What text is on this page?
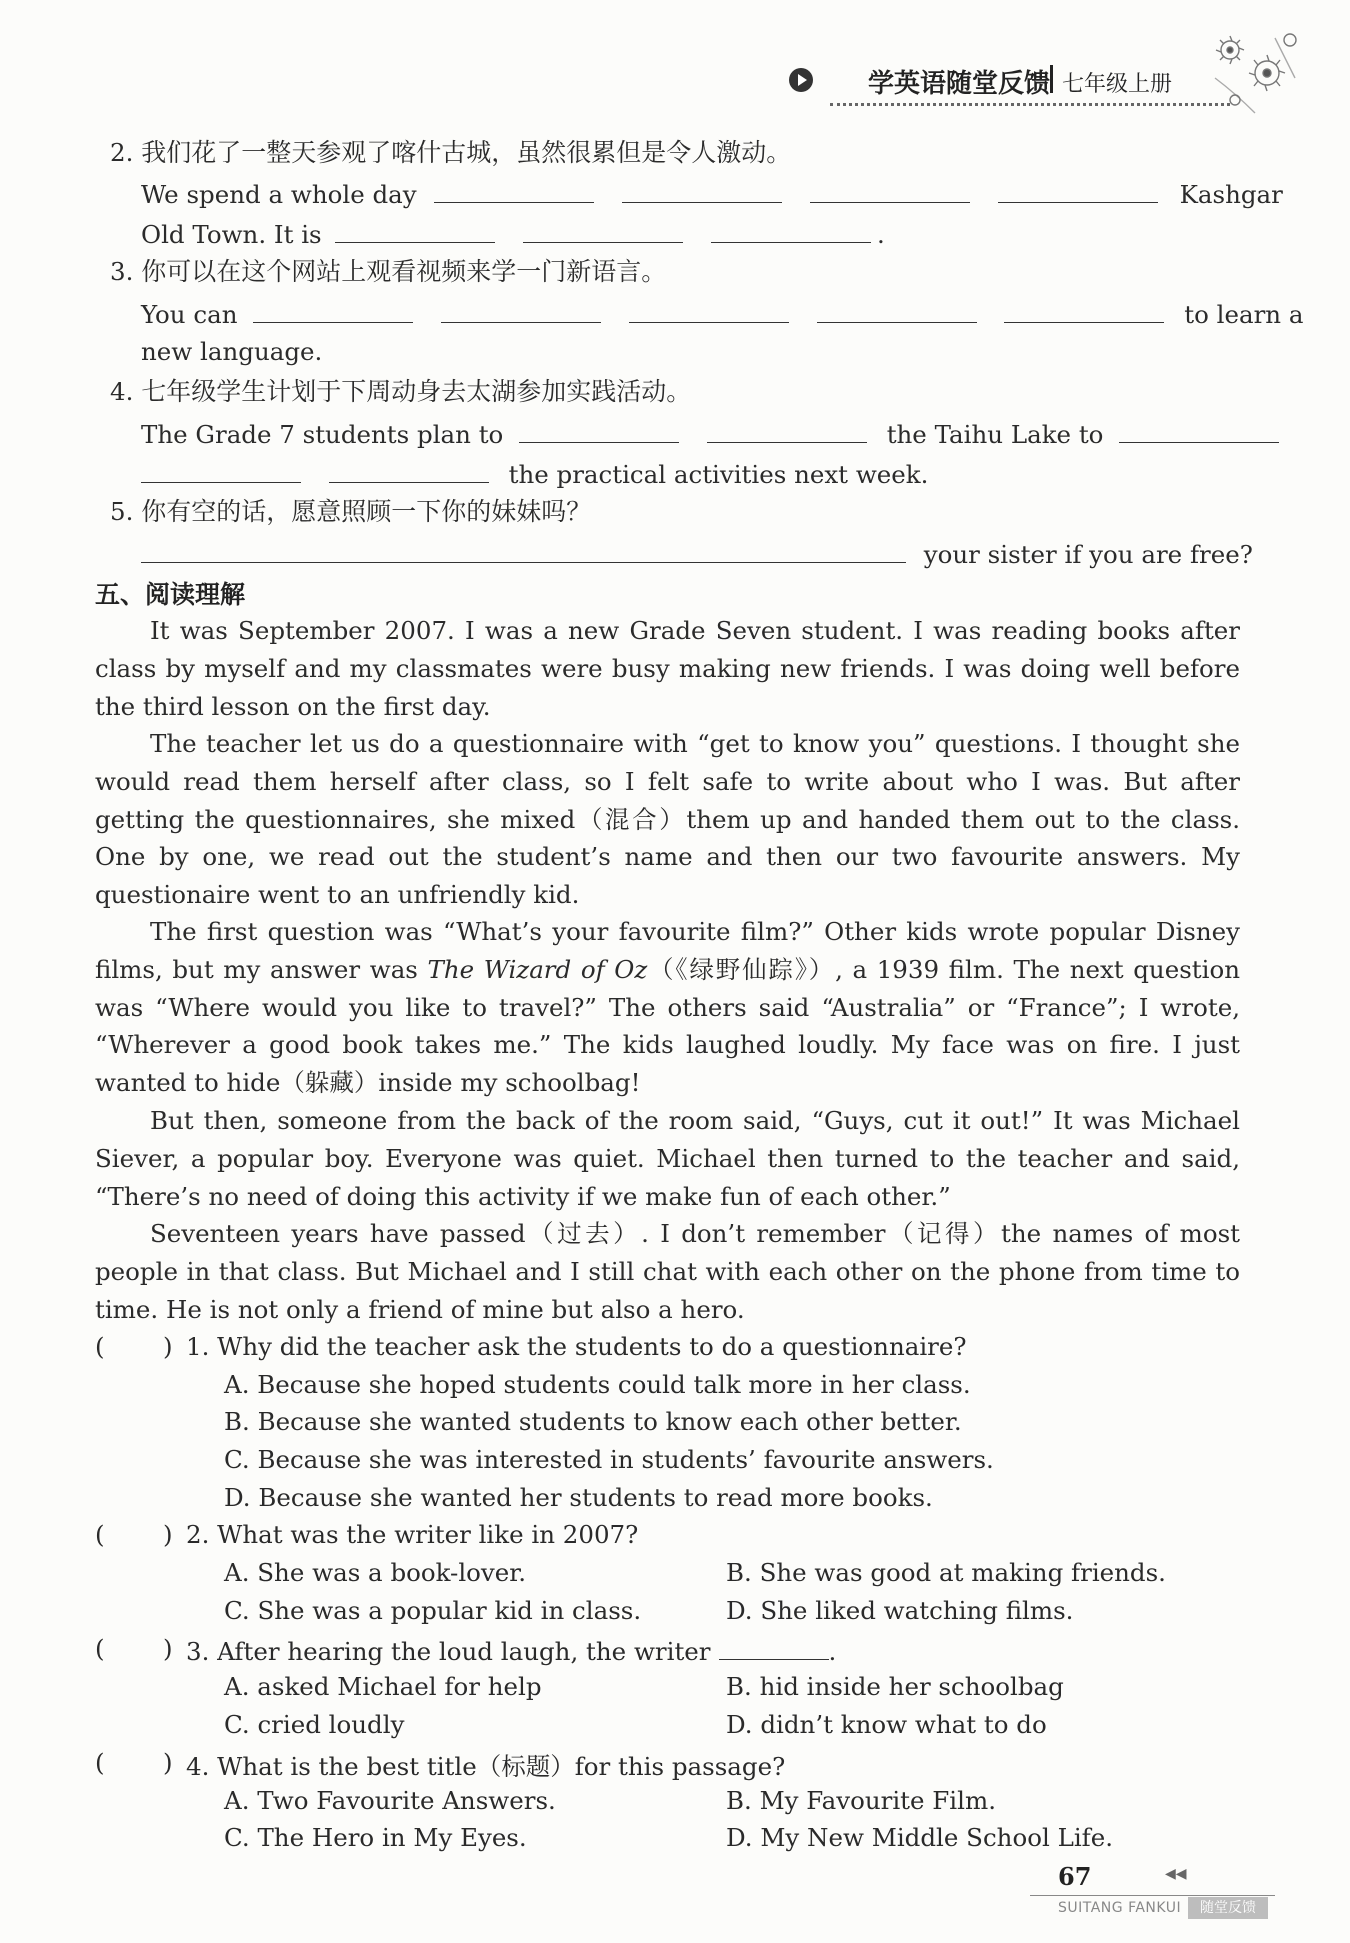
学英语随堂反馈 七年级上册
2. 我们花了一整天参观了喀什古城，虽然很累但是令人激动。
We spend a whole day	Kashgar
Old Town. It is	.
3. 你可以在这个网站上观看视频来学一门新语言。
You can	to learn a
new language.
4. 七年级学生计划于下周动身去太湖参加实践活动。
The Grade 7 students plan to	the Taihu Lake to
the practical activities next week.
5. 你有空的话，愿意照顾一下你的妹妹吗？
your sister if you are free?
五、阅读理解
It was September 2007. I was a new Grade Seven student. I was reading books after class by myself and my classmates were busy making new friends. I was doing well before the third lesson on the first day.
The teacher let us do a questionnaire with “get to know you” questions. I thought she would read them herself after class, so I felt safe to write about who I was. But after getting the questionnaires, she mixed（混合）them up and handed them out to the class. One by one, we read out the student’s name and then our two favourite answers. My questionaire went to an unfriendly kid.
The first question was “What’s your favourite film?” Other kids wrote popular Disney films, but my answer was The Wizard of Oz（《绿野仙踪》）, a 1939 film. The next question was “Where would you like to travel?” The others said “Australia” or “France”; I wrote, “Wherever a good book takes me.” The kids laughed loudly. My face was on fire. I just wanted to hide（躲藏）inside my schoolbag!
But then, someone from the back of the room said, “Guys, cut it out!” It was Michael Siever, a popular boy. Everyone was quiet. Michael then turned to the teacher and said, “There’s no need of doing this activity if we make fun of each other.”
Seventeen years have passed（过去）. I don’t remember（记得）the names of most people in that class. But Michael and I still chat with each other on the phone from time to time. He is not only a friend of mine but also a hero.
( ) 1. Why did the teacher ask the students to do a questionnaire?
A. Because she hoped students could talk more in her class.
B. Because she wanted students to know each other better.
C. Because she was interested in students’ favourite answers.
D. Because she wanted her students to read more books.
( ) 2. What was the writer like in 2007?
A. She was a book-lover.	B. She was good at making friends.
C. She was a popular kid in class.	D. She liked watching films.
( ) 3. After hearing the loud laugh, the writer	.
A. asked Michael for help	B. hid inside her schoolbag
C. cried loudly	D. didn’t know what to do
( ) 4. What is the best title（标题）for this passage?
A. Two Favourite Answers.	B. My Favourite Film.
C. The Hero in My Eyes.	D. My New Middle School Life.
67	◀◀
SUITANG FANKUI	随堂反馈
